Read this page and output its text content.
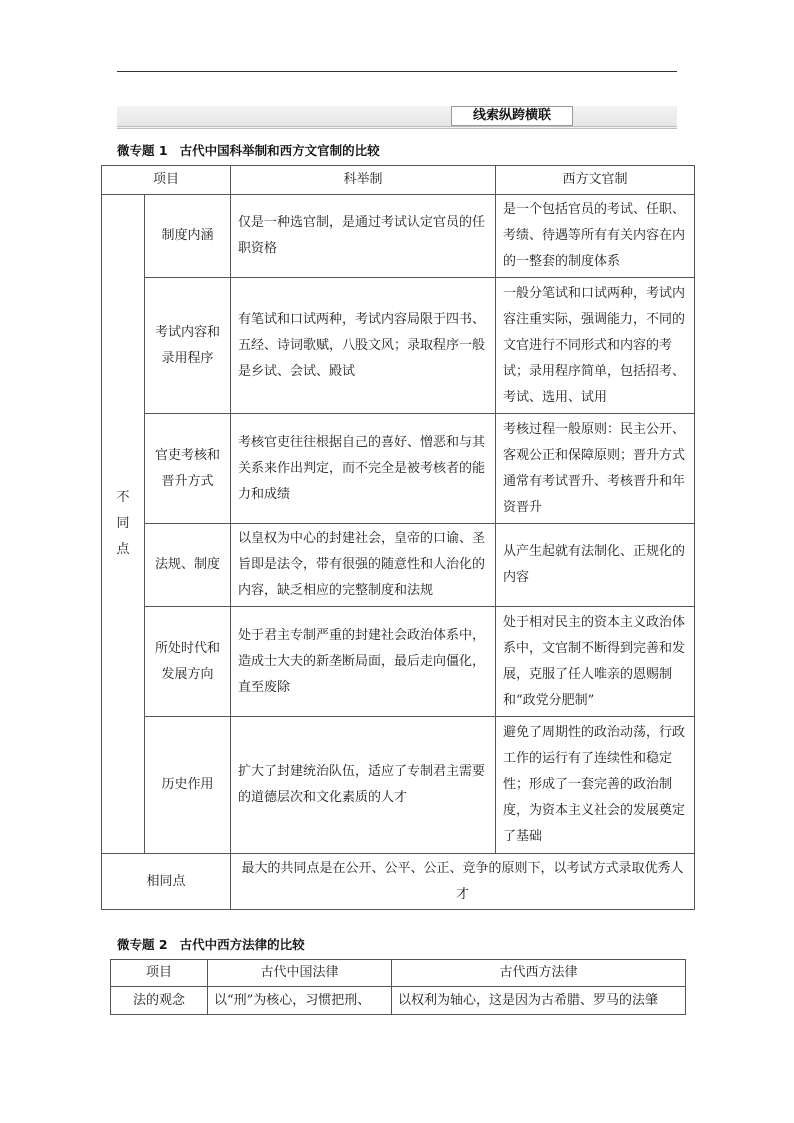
线索纵跨横联
微专题 1 古代中国科举制和西方文官制的比较
项目		科举制	西方文官制

不
同
点	制度内涵	仅是一种选官制，是通过考试认定官员的任职资格	是一个包括官员的考试、任职、考绩、待遇等所有有关内容在内的一整套的制度体系
	考试内容和录用程序	有笔试和口试两种，考试内容局限于四书、五经、诗词歌赋，八股文风；录取程序一般是乡试、会试、殿试	一般分笔试和口试两种，考试内容注重实际，强调能力，不同的文官进行不同形式和内容的考试；录用程序简单，包括招考、考试、选用、试用
	官吏考核和晋升方式	考核官吏往往根据自己的喜好、憎恶和与其关系来作出判定，而不完全是被考核者的能力和成绩	考核过程一般原则：民主公开、客观公正和保障原则；晋升方式通常有考试晋升、考核晋升和年资晋升
	法规、制度	以皇权为中心的封建社会，皇帝的口谕、圣旨即是法令，带有很强的随意性和人治化的内容，缺乏相应的完整制度和法规	从产生起就有法制化、正规化的内容
	所处时代和发展方向	处于君主专制严重的封建社会政治体系中，造成士大夫的新垄断局面，最后走向僵化，直至废除	处于相对民主的资本主义政治体系中，文官制不断得到完善和发展，克服了任人唯亲的恩赐制和“政党分肥制”
	历史作用	扩大了封建统治队伍，适应了专制君主需要的道德层次和文化素质的人才	避免了周期性的政治动荡，行政工作的运行有了连续性和稳定性；形成了一套完善的政治制度，为资本主义社会的发展奠定了基础
相同点		最大的共同点是在公开、公平、公正、竞争的原则下，以考试方式录取优秀人才	
微专题 2 古代中西方法律的比较
项目	古代中国法律	古代西方法律
法的观念	以“刑”为核心，习惯把刑、	以权利为轴心，这是因为古希腊、罗马的法肇
